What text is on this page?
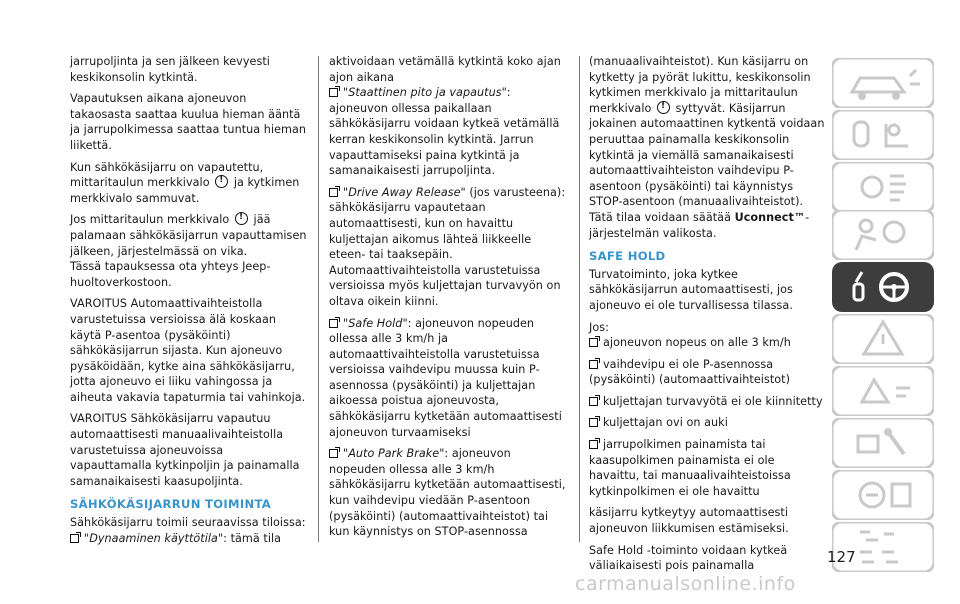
jarrupoljinta ja sen jälkeen kevyesti keskikonsolin kytkintä.

Vapautuksen aikana ajoneuvon takaosasta saattaa kuulua hieman ääntä ja jarrupolkimessa saattaa tuntua hieman liikettä.

Kun sähkökäsijarru on vapautettu, mittaritaulun merkkivalo ! ja kytkimen merkkivalo sammuvat.

Jos mittaritaulun merkkivalo ! jää palamaan sähkökäsijarrun vapauttamisen jälkeen, järjestelmässä on vika.

Tässä tapauksessa ota yhteys Jeep-huoltoverkostoon.

VAROITUS Automaattivaihteistolla varustetuissa versioissa älä koskaan käytä P-asentoa (pysäköinti) sähkökäsijarrun sijasta. Kun ajoneuvo pysäköidään, kytke aina sähkökäsijarru, jotta ajoneuvo ei liiku vahingossa ja aiheuta vakavia tapaturmia tai vahinkoja.

VAROITUS Sähkökäsijarru vapautuu automaattisesti manuaalivaihteistolla varustetuissa ajoneuvoissa vapauttamalla kytkinpoljin ja painamalla samanaikaisesti kaasupoljinta.

SÄHKÖKÄSIJARRUN TOIMINTA

Sähkökäsijarru toimii seuraavissa tiloissa:

"Dynaaminen käyttötila": tämä tila

aktivoidaan vetämällä kytkintä koko ajan ajon aikana

"Staattinen pito ja vapautus":
ajoneuvon ollessa paikallaan sähkökäsijarru voidaan kytkeä vetämällä kerran keskikonsolin kytkintä. Jarrun vapauttamiseksi paina kytkintä ja samanaikaisesti jarrupoljinta.

"Drive Away Release" (jos varusteena): sähkökäsijarru vapautetaan automaattisesti, kun on havaittu kuljettajan aikomus lähteä liikkeelle eteen- tai taaksepäin. Automaattivaihteistolla varustetuissa versioissa myös kuljettajan turvavyön on oltava oikein kiinni.

"Safe Hold": ajoneuvon nopeuden ollessa alle 3 km/h ja automaattivaihteistolla varustetuissa versioissa vaihdevipu muussa kuin P-asennossa (pysäköinti) ja kuljettajan aikoessa poistua ajoneuvosta, sähkökäsijarru kytketään automaattisesti ajoneuvon turvaamiseksi

"Auto Park Brake": ajoneuvon nopeuden ollessa alle 3 km/h sähkökäsijarru kytketään automaattisesti, kun vaihdevipu viedään P-asentoon (pysäköinti) (automaattivaihteistot) tai kun käynnistys on STOP-asennossa

(manuaalivaihteistot). Kun käsijarru on kytketty ja pyörät lukittu, keskikonsolin kytkimen merkkivalo ja mittaritaulun merkkivalo ! syttyvät. Käsijarrun jokainen automaattinen kytkentä voidaan peruuttaa painamalla keskikonsolin kytkintä ja viemällä samanaikaisesti automaattivaihteiston vaihdevipu P-asentoon (pysäköinti) tai käynnistys STOP-asentoon (manuaalivaihteistot).

Tätä tilaa voidaan säätää Uconnect™-järjestelmän valikosta.

SAFE HOLD

Turvatoiminto, joka kytkee sähkökäsijarrun automaattisesti, jos ajoneuvo ei ole turvallisessa tilassa.

Jos:

ajoneuvon nopeus on alle 3 km/h

vaihdevipu ei ole P-asennossa (pysäköinti) (automaattivaihteistot)

kuljettajan turvavyötä ei ole kiinnitetty

kuljettajan ovi on auki

jarrupolkimen painamista tai kaasupolkimen painamista ei ole havaittu, tai manuaalivaihteistoissa kytkinpolkimen ei ole havaittu

käsijarru kytkeytyy automaattisesti ajoneuvon liikkumisen estämiseksi.

Safe Hold -toiminto voidaan kytkeä väliaikaisesti pois painamalla	127
carmanualsonline.info
